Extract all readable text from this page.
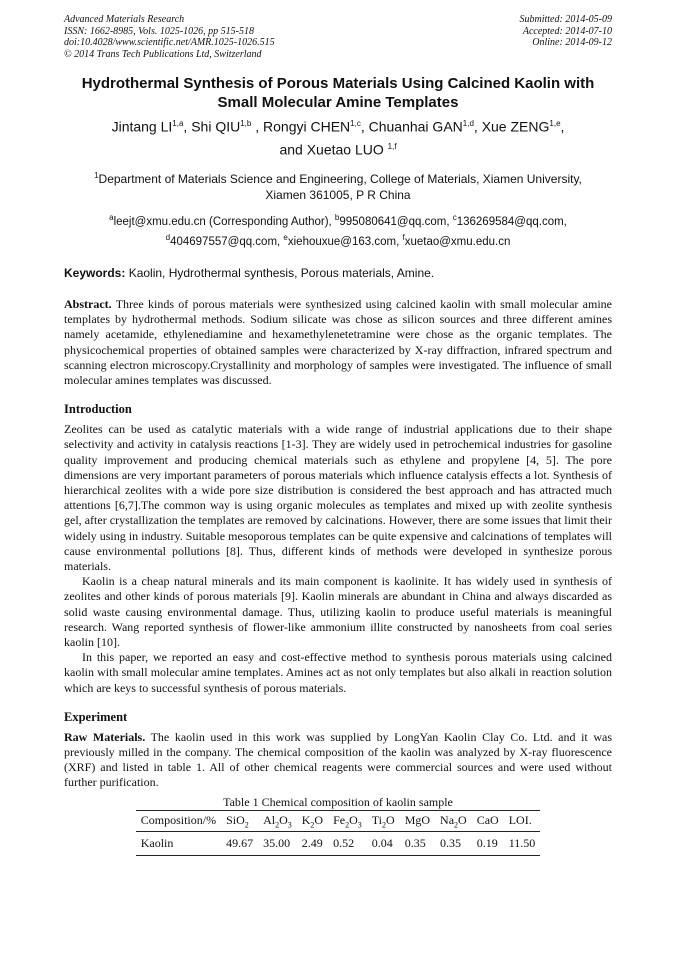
Advanced Materials Research
ISSN: 1662-8985, Vols. 1025-1026, pp 515-518
doi:10.4028/www.scientific.net/AMR.1025-1026.515
© 2014 Trans Tech Publications Ltd, Switzerland
Submitted: 2014-05-09
Accepted: 2014-07-10
Online: 2014-09-12
Hydrothermal Synthesis of Porous Materials Using Calcined Kaolin with Small Molecular Amine Templates
Jintang LI$^{1,a}$, Shi QIU$^{1,b}$ , Rongyi CHEN$^{1,c}$, Chuanhai GAN$^{1,d}$, Xue ZENG$^{1,e}$,
and Xuetao LUO $^{1,f}$
$^1$Department of Materials Science and Engineering, College of Materials, Xiamen University,
Xiamen 361005, P R China
$^a$leejt@xmu.edu.cn (Corresponding Author), $^b$995080641@qq.com, $^c$136269584@qq.com,
$^d$404697557@qq.com, $^e$xiehouxue@163.com, $^f$xuetao@xmu.edu.cn
Keywords: Kaolin, Hydrothermal synthesis, Porous materials, Amine.

Abstract. Three kinds of porous materials were synthesized using calcined kaolin with small molecular amine templates by hydrothermal methods. Sodium silicate was chose as silicon sources and three different amines namely acetamide, ethylenediamine and hexamethylenetetramine were chose as the organic templates. The physicochemical properties of obtained samples were characterized by X-ray diffraction, infrared spectrum and scanning electron microscopy.Crystallinity and morphology of samples were investigated. The influence of small molecular amines templates was discussed.

Introduction

Zeolites can be used as catalytic materials with a wide range of industrial applications due to their shape selectivity and activity in catalysis reactions [1-3]. They are widely used in petrochemical industries for gasoline quality improvement and producing chemical materials such as ethylene and propylene [4, 5]. The pore dimensions are very important parameters of porous materials which influence catalysis effects a lot. Synthesis of hierarchical zeolites with a wide pore size distribution is considered the best approach and has attracted much attentions [6,7].The common way is using organic molecules as templates and mixed up with zeolite synthesis gel, after crystallization the templates are removed by calcinations. However, there are some issues that limit their widely using in industry. Suitable mesoporous templates can be quite expensive and calcinations of templates will cause environmental pollutions [8]. Thus, different kinds of methods were developed in synthesize porous materials.

Kaolin is a cheap natural minerals and its main component is kaolinite. It has widely used in synthesis of zeolites and other kinds of porous materials [9]. Kaolin minerals are abundant in China and always discarded as solid waste causing environmental damage. Thus, utilizing kaolin to produce useful materials is meaningful research. Wang reported synthesis of flower-like ammonium illite constructed by nanosheets from coal series kaolin [10].

In this paper, we reported an easy and cost-effective method to synthesis porous materials using calcined kaolin with small molecular amine templates. Amines act as not only templates but also alkali in reaction solution which are keys to successful synthesis of porous materials.

Experiment

Raw Materials. The kaolin used in this work was supplied by LongYan Kaolin Clay Co. Ltd. and it was previously milled in the company. The chemical composition of the kaolin was analyzed by X-ray fluorescence (XRF) and listed in table 1. All of other chemical reagents were commercial sources and were used without further purification.

Table 1 Chemical composition of kaolin sample
Composition/%	SiO$_2$	$Al_2O_3$	$K_2O$	$Fe_2O_3$	$Ti_2O$	MgO	$Na_2O$	CaO	LOI.
Kaolin	49.67	35.00	2.49	0.52	0.04	0.35	0.35	0.19	11.50
